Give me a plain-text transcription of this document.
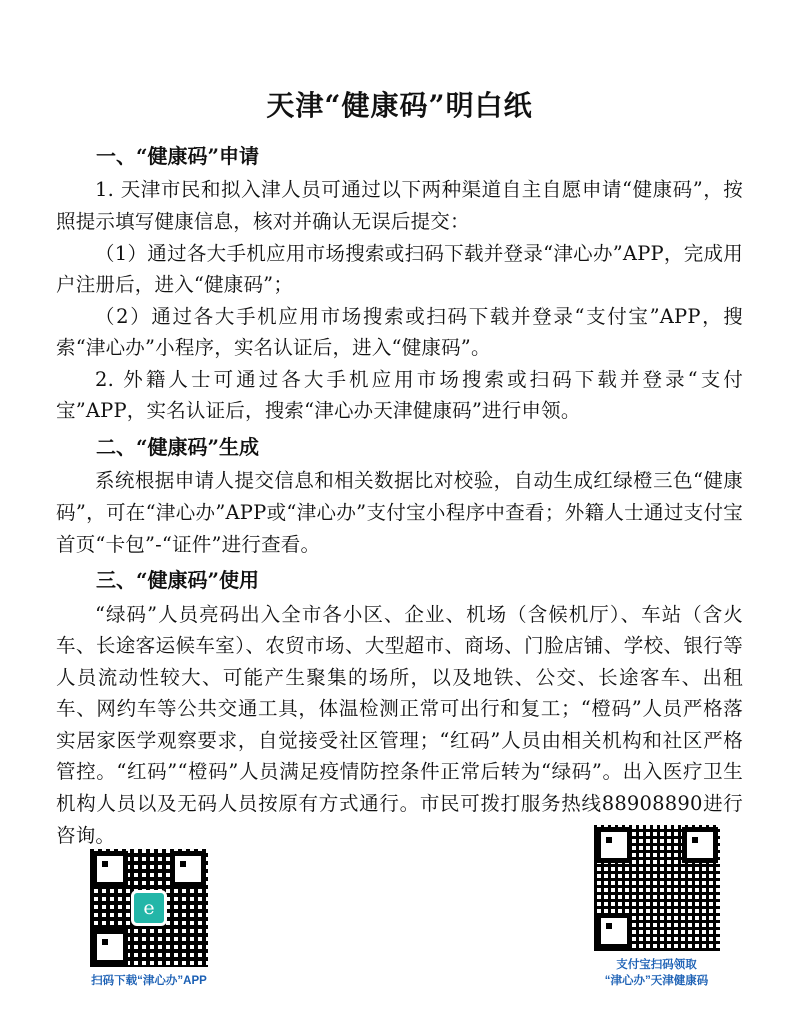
天津“健康码”明白纸
一、“健康码”申请

1. 天津市民和拟入津人员可通过以下两种渠道自主自愿申请“健康码”，按照提示填写健康信息，核对并确认无误后提交：

（1）通过各大手机应用市场搜索或扫码下载并登录“津心办”APP，完成用户注册后，进入“健康码”；

（2）通过各大手机应用市场搜索或扫码下载并登录“支付宝”APP，搜索“津心办”小程序，实名认证后，进入“健康码”。

2. 外籍人士可通过各大手机应用市场搜索或扫码下载并登录“支付宝”APP，实名认证后，搜索“津心办天津健康码”进行申领。

二、“健康码”生成

系统根据申请人提交信息和相关数据比对校验，自动生成红绿橙三色“健康码”，可在“津心办”APP或“津心办”支付宝小程序中查看；外籍人士通过支付宝首页“卡包”-“证件”进行查看。

三、“健康码”使用

“绿码”人员亮码出入全市各小区、企业、机场（含候机厅）、车站（含火车、长途客运候车室）、农贸市场、大型超市、商场、门脸店铺、学校、银行等人员流动性较大、可能产生聚集的场所，以及地铁、公交、长途客车、出租车、网约车等公共交通工具，体温检测正常可出行和复工；“橙码”人员严格落实居家医学观察要求，自觉接受社区管理；“红码”人员由相关机构和社区严格管控。“红码”“橙码”人员满足疫情防控条件正常后转为“绿码”。出入医疗卫生机构人员以及无码人员按原有方式通行。市民可拨打服务热线88908890进行咨询。

e
扫码下载“津心办”APP
支付宝扫码领取
“津心办”天津健康码
